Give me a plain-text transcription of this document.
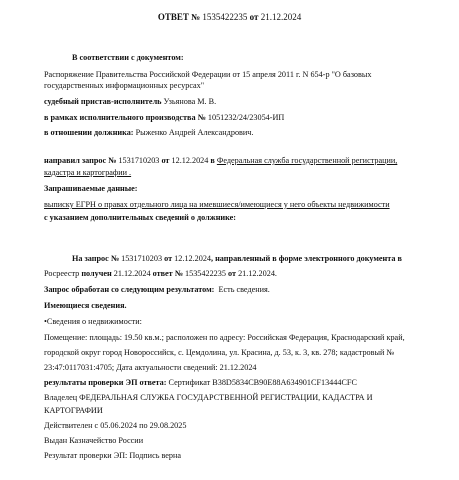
ОТВЕТ № 1535422235 от 21.12.2024
В соответствии с документом:
Распоряжение Правительства Российской Федерации от 15 апреля 2011 г. N 654-р "О базовых
государственных информационных ресурсах"
судебный пристав-исполнитель Узьянова М. В.
в рамках исполнительного производства № 1051232/24/23054-ИП
в отношении должника: Рыженко Андрей Александрович.
направил запрос № 1531710203 от 12.12.2024 в Федеральная служба государственной регистрации,
кадастра и картографии .
Запрашиваемые данные:
выписку ЕГРН о правах отдельного лица на имевшиеся/имеющиеся у него объекты недвижимости
с указанием дополнительных сведений о должнике:
На запрос № 1531710203 от 12.12.2024, направленный в форме электронного документа в
Росреестр получен 21.12.2024 ответ № 1535422235 от 21.12.2024.
Запрос обработан со следующим результатом: Есть сведения.
Имеющиеся сведения.
•Сведения о недвижимости:
Помещение: площадь: 19.50 кв.м.; расположен по адресу: Российская Федерация, Краснодарский край,
городской округ город Новороссийск, с. Цемдолина, ул. Красина, д. 53, к. 3, кв. 278; кадастровый №
23:47:0117031:4705; Дата актуальности сведений: 21.12.2024
результаты проверки ЭП ответа: Сертификат В38D5834CB90E88A634901CF13444CFC
Владелец ФЕДЕРАЛЬНАЯ СЛУЖБА ГОСУДАРСТВЕННОЙ РЕГИСТРАЦИИ, КАДАСТРА И
КАРТОГРАФИИ
Действителен с 05.06.2024 по 29.08.2025
Выдан Казначейство России
Результат проверки ЭП: Подпись верна
